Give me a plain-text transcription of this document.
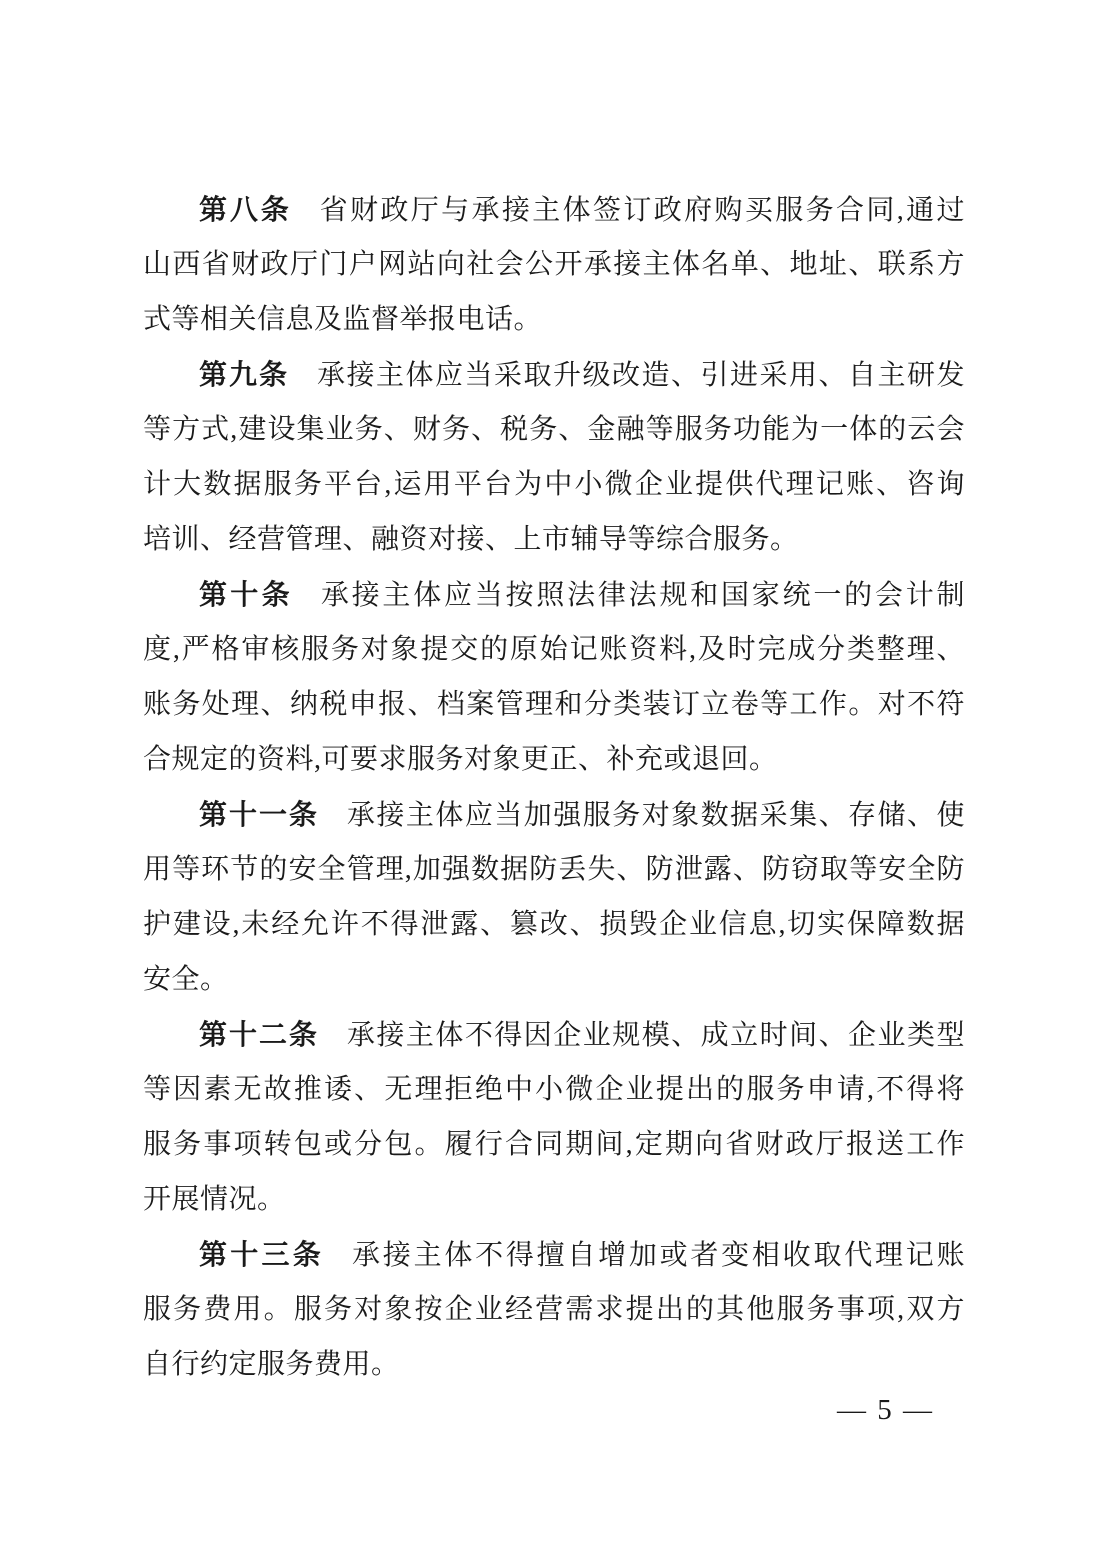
第八条 省财政厅与承接主体签订政府购买服务合同,通过
山西省财政厅门户网站向社会公开承接主体名单、地址、联系方
式等相关信息及监督举报电话。
第九条 承接主体应当采取升级改造、引进采用、自主研发
等方式,建设集业务、财务、税务、金融等服务功能为一体的云会
计大数据服务平台,运用平台为中小微企业提供代理记账、咨询
培训、经营管理、融资对接、上市辅导等综合服务。
第十条 承接主体应当按照法律法规和国家统一的会计制
度,严格审核服务对象提交的原始记账资料,及时完成分类整理、
账务处理、纳税申报、档案管理和分类装订立卷等工作。对不符
合规定的资料,可要求服务对象更正、补充或退回。
第十一条 承接主体应当加强服务对象数据采集、存储、使
用等环节的安全管理,加强数据防丢失、防泄露、防窃取等安全防
护建设,未经允许不得泄露、篡改、损毁企业信息,切实保障数据
安全。
第十二条 承接主体不得因企业规模、成立时间、企业类型
等因素无故推诿、无理拒绝中小微企业提出的服务申请,不得将
服务事项转包或分包。履行合同期间,定期向省财政厅报送工作
开展情况。
第十三条 承接主体不得擅自增加或者变相收取代理记账
服务费用。服务对象按企业经营需求提出的其他服务事项,双方
自行约定服务费用。
— 5 —
